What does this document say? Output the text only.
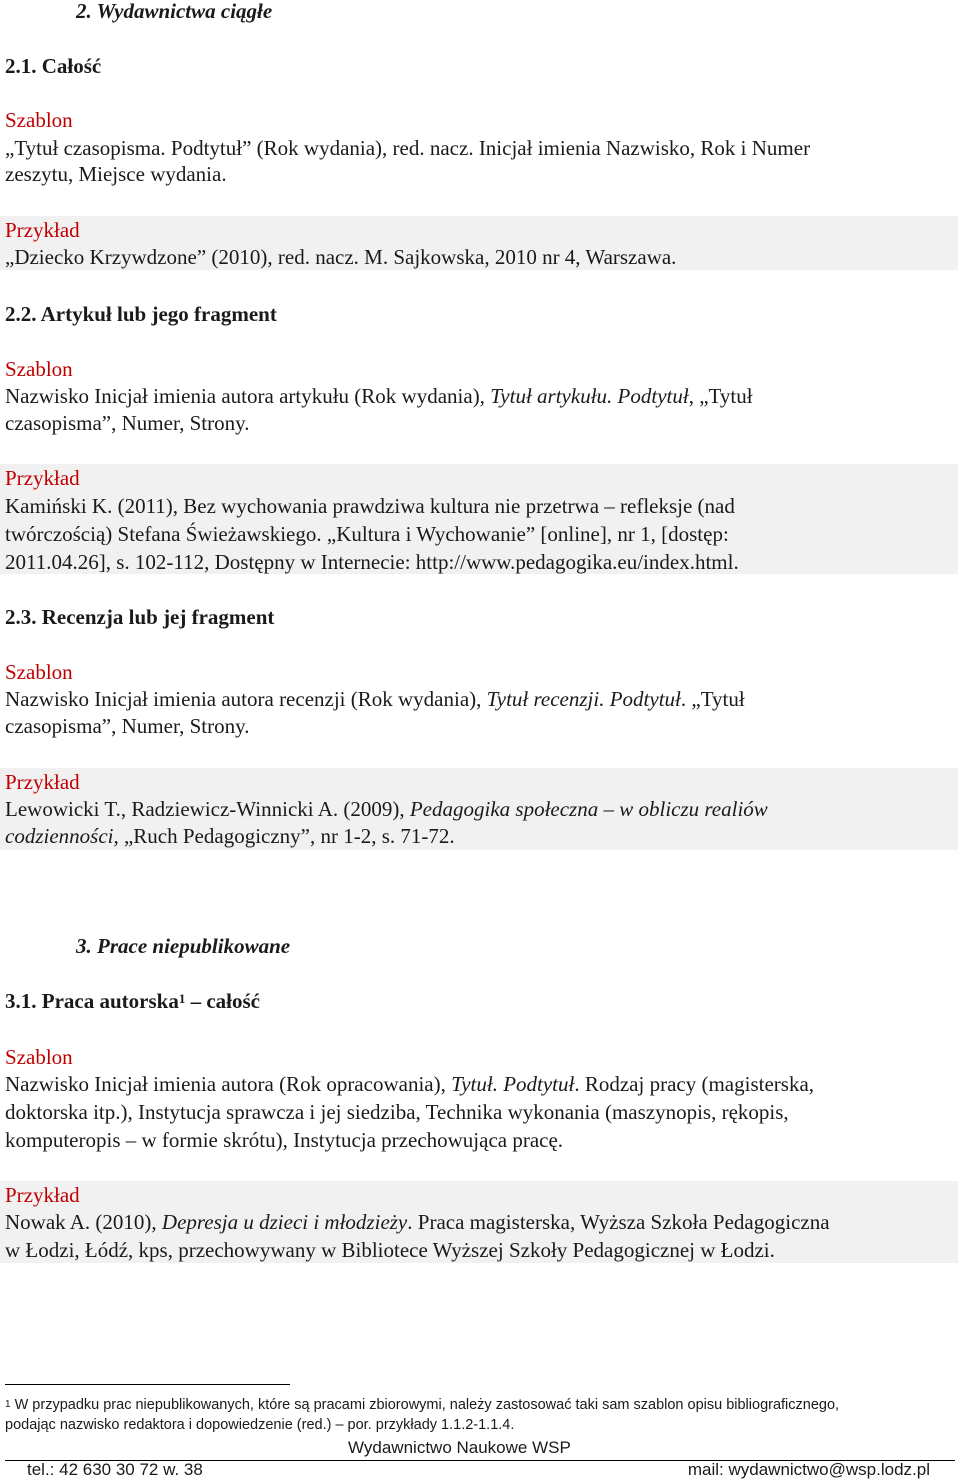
2. Wydawnictwa ciągłe
2.1. Całość
Szablon
„Tytuł czasopisma. Podtytuł” (Rok wydania), red. nacz. Inicjał imienia Nazwisko, Rok i Numer
zeszytu, Miejsce wydania.
Przykład
„Dziecko Krzywdzone” (2010), red. nacz. M. Sajkowska, 2010 nr 4, Warszawa.
2.2. Artykuł lub jego fragment
Szablon
Nazwisko Inicjał imienia autora artykułu (Rok wydania), Tytuł artykułu. Podtytuł, „Tytuł
czasopisma”, Numer, Strony.
Przykład
Kamiński K. (2011), Bez wychowania prawdziwa kultura nie przetrwa – refleksje (nad
twórczością) Stefana Świeżawskiego. „Kultura i Wychowanie” [online], nr 1, [dostęp:
2011.04.26], s. 102-112, Dostępny w Internecie: http://www.pedagogika.eu/index.html.
2.3. Recenzja lub jej fragment
Szablon
Nazwisko Inicjał imienia autora recenzji (Rok wydania), Tytuł recenzji. Podtytuł. „Tytuł
czasopisma”, Numer, Strony.
Przykład
Lewowicki T., Radziewicz-Winnicki A. (2009), Pedagogika społeczna – w obliczu realiów
codzienności, „Ruch Pedagogiczny”, nr 1-2, s. 71-72.
3. Prace niepublikowane
3.1. Praca autorska$^1$ – całość
Szablon
Nazwisko Inicjał imienia autora (Rok opracowania), Tytuł. Podtytuł. Rodzaj pracy (magisterska,
doktorska itp.), Instytucja sprawcza i jej siedziba, Technika wykonania (maszynopis, rękopis,
komputeropis – w formie skrótu), Instytucja przechowująca pracę.
Przykład
Nowak A. (2010), Depresja u dzieci i młodzieży. Praca magisterska, Wyższa Szkoła Pedagogiczna
w Łodzi, Łódź, kps, przechowywany w Bibliotece Wyższej Szkoły Pedagogicznej w Łodzi.
$^1$ W przypadku prac niepublikowanych, które są pracami zbiorowymi, należy zastosować taki sam szablon opisu bibliograficznego,
podając nazwisko redaktora i dopowiedzenie (red.) – por. przykłady 1.1.2-1.1.4.
Wydawnictwo Naukowe WSP
tel.: 42 630 30 72 w. 38	mail: wydawnictwo@wsp.lodz.pl
